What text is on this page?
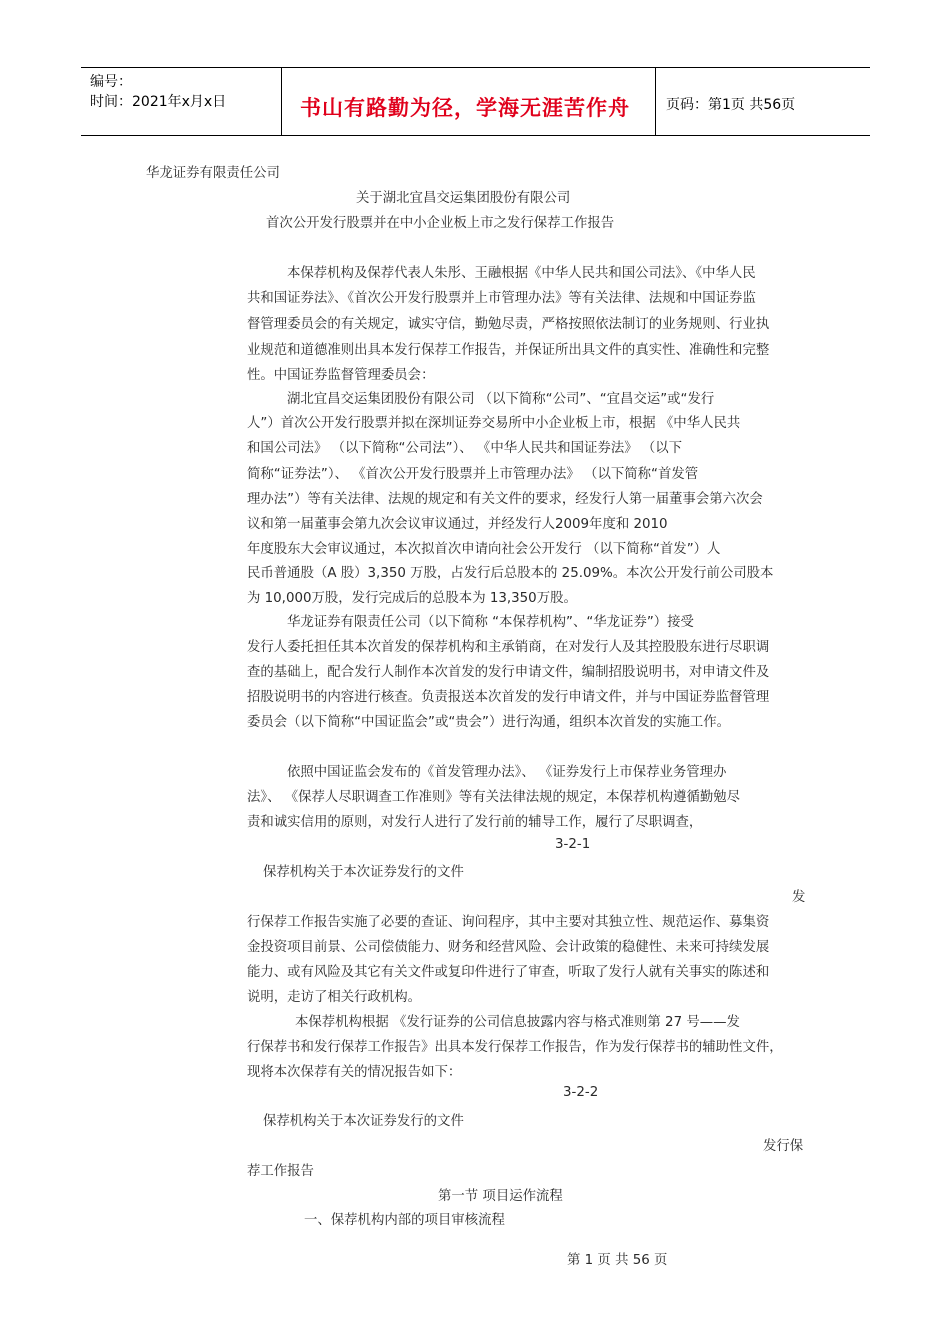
编号：
时间：2021年x月x日	书山有路勤为径，学海无涯苦作舟	页码：第1页 共56页
华龙证券有限责任公司
关于湖北宜昌交运集团股份有限公司
首次公开发行股票并在中小企业板上市之发行保荐工作报告
本保荐机构及保荐代表人朱彤、王融根据《中华人民共和国公司法》、《中华人民
共和国证券法》、《首次公开发行股票并上市管理办法》等有关法律、法规和中国证券监
督管理委员会的有关规定，诚实守信，勤勉尽责，严格按照依法制订的业务规则、行业执
业规范和道德准则出具本发行保荐工作报告，并保证所出具文件的真实性、准确性和完整
性。中国证券监督管理委员会：
湖北宜昌交运集团股份有限公司 （以下简称“公司”、“宜昌交运”或“发行
人”）首次公开发行股票并拟在深圳证券交易所中小企业板上市，根据 《中华人民共
和国公司法》 （以下简称“公司法”）、 《中华人民共和国证券法》 （以下
简称“证券法”）、 《首次公开发行股票并上市管理办法》 （以下简称“首发管
理办法”）等有关法律、法规的规定和有关文件的要求，经发行人第一届董事会第六次会
议和第一届董事会第九次会议审议通过，并经发行人2009年度和 2010
年度股东大会审议通过，本次拟首次申请向社会公开发行 （以下简称“首发”）人
民币普通股（A 股）3,350 万股，占发行后总股本的 25.09%。本次公开发行前公司股本
为 10,000万股，发行完成后的总股本为 13,350万股。
华龙证券有限责任公司（以下简称 “本保荐机构”、“华龙证券”）接受
发行人委托担任其本次首发的保荐机构和主承销商，在对发行人及其控股股东进行尽职调
查的基础上，配合发行人制作本次首发的发行申请文件，编制招股说明书，对申请文件及
招股说明书的内容进行核查。负责报送本次首发的发行申请文件，并与中国证券监督管理
委员会（以下简称“中国证监会”或“贵会”）进行沟通，组织本次首发的实施工作。
依照中国证监会发布的《首发管理办法》、 《证券发行上市保荐业务管理办
法》、 《保荐人尽职调查工作准则》等有关法律法规的规定，本保荐机构遵循勤勉尽
责和诚实信用的原则，对发行人进行了发行前的辅导工作，履行了尽职调查，
3-2-1
保荐机构关于本次证券发行的文件
发
行保荐工作报告实施了必要的查证、询问程序，其中主要对其独立性、规范运作、募集资
金投资项目前景、公司偿债能力、财务和经营风险、会计政策的稳健性、未来可持续发展
能力、或有风险及其它有关文件或复印件进行了审查，听取了发行人就有关事实的陈述和
说明，走访了相关行政机构。
本保荐机构根据 《发行证券的公司信息披露内容与格式准则第 27 号——发
行保荐书和发行保荐工作报告》出具本发行保荐工作报告，作为发行保荐书的辅助性文件，
现将本次保荐有关的情况报告如下：
3-2-2
保荐机构关于本次证券发行的文件
发行保
荐工作报告
第一节 项目运作流程
一、保荐机构内部的项目审核流程
第 1 页 共 56 页
